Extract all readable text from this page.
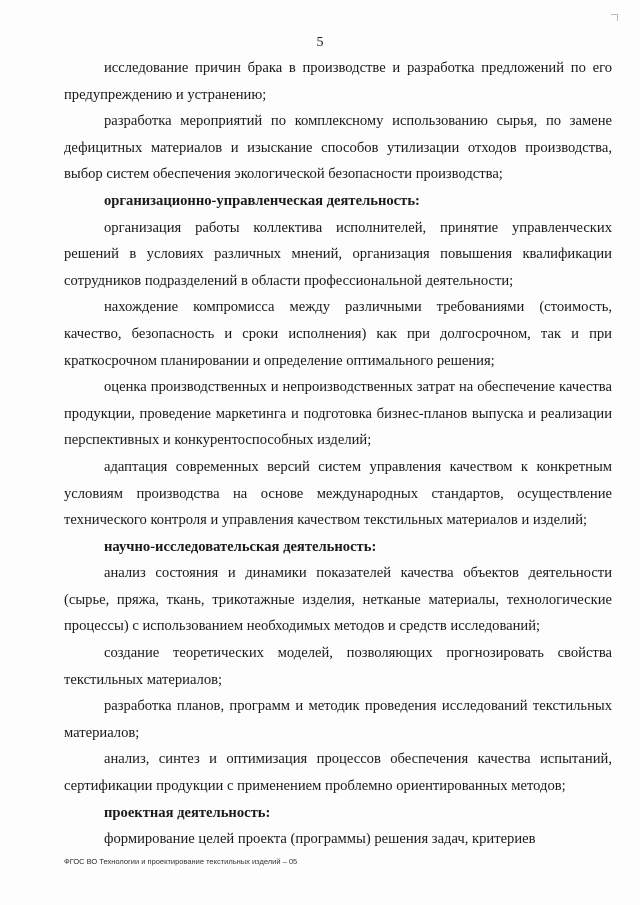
5

исследование причин брака в производстве и разработка предложений по его предупреждению и устранению;

разработка мероприятий по комплексному использованию сырья, по замене дефицитных материалов и изыскание способов утилизации отходов производства, выбор систем обеспечения экологической безопасности производства;

организационно-управленческая деятельность:

организация работы коллектива исполнителей, принятие управленческих решений в условиях различных мнений, организация повышения квалификации сотрудников подразделений в области профессиональной деятельности;

нахождение компромисса между различными требованиями (стоимость, качество, безопасность и сроки исполнения) как при долгосрочном, так и при краткосрочном планировании и определение оптимального решения;

оценка производственных и непроизводственных затрат на обеспечение качества продукции, проведение маркетинга и подготовка бизнес-планов выпуска и реализации перспективных и конкурентоспособных изделий;

адаптация современных версий систем управления качеством к конкретным условиям производства на основе международных стандартов, осуществление технического контроля и управления качеством текстильных материалов и изделий;

научно-исследовательская деятельность:

анализ состояния и динамики показателей качества объектов деятельности (сырье, пряжа, ткань, трикотажные изделия, нетканые материалы, технологические процессы) с использованием необходимых методов и средств исследований;

создание теоретических моделей, позволяющих прогнозировать свойства текстильных материалов;

разработка планов, программ и методик проведения исследований текстильных материалов;

анализ, синтез и оптимизация процессов обеспечения качества испытаний, сертификации продукции с применением проблемно ориентированных методов;

проектная деятельность:

формирование целей проекта (программы) решения задач, критериев

ФГОС ВО Технологии и проектирование текстильных изделий – 05
